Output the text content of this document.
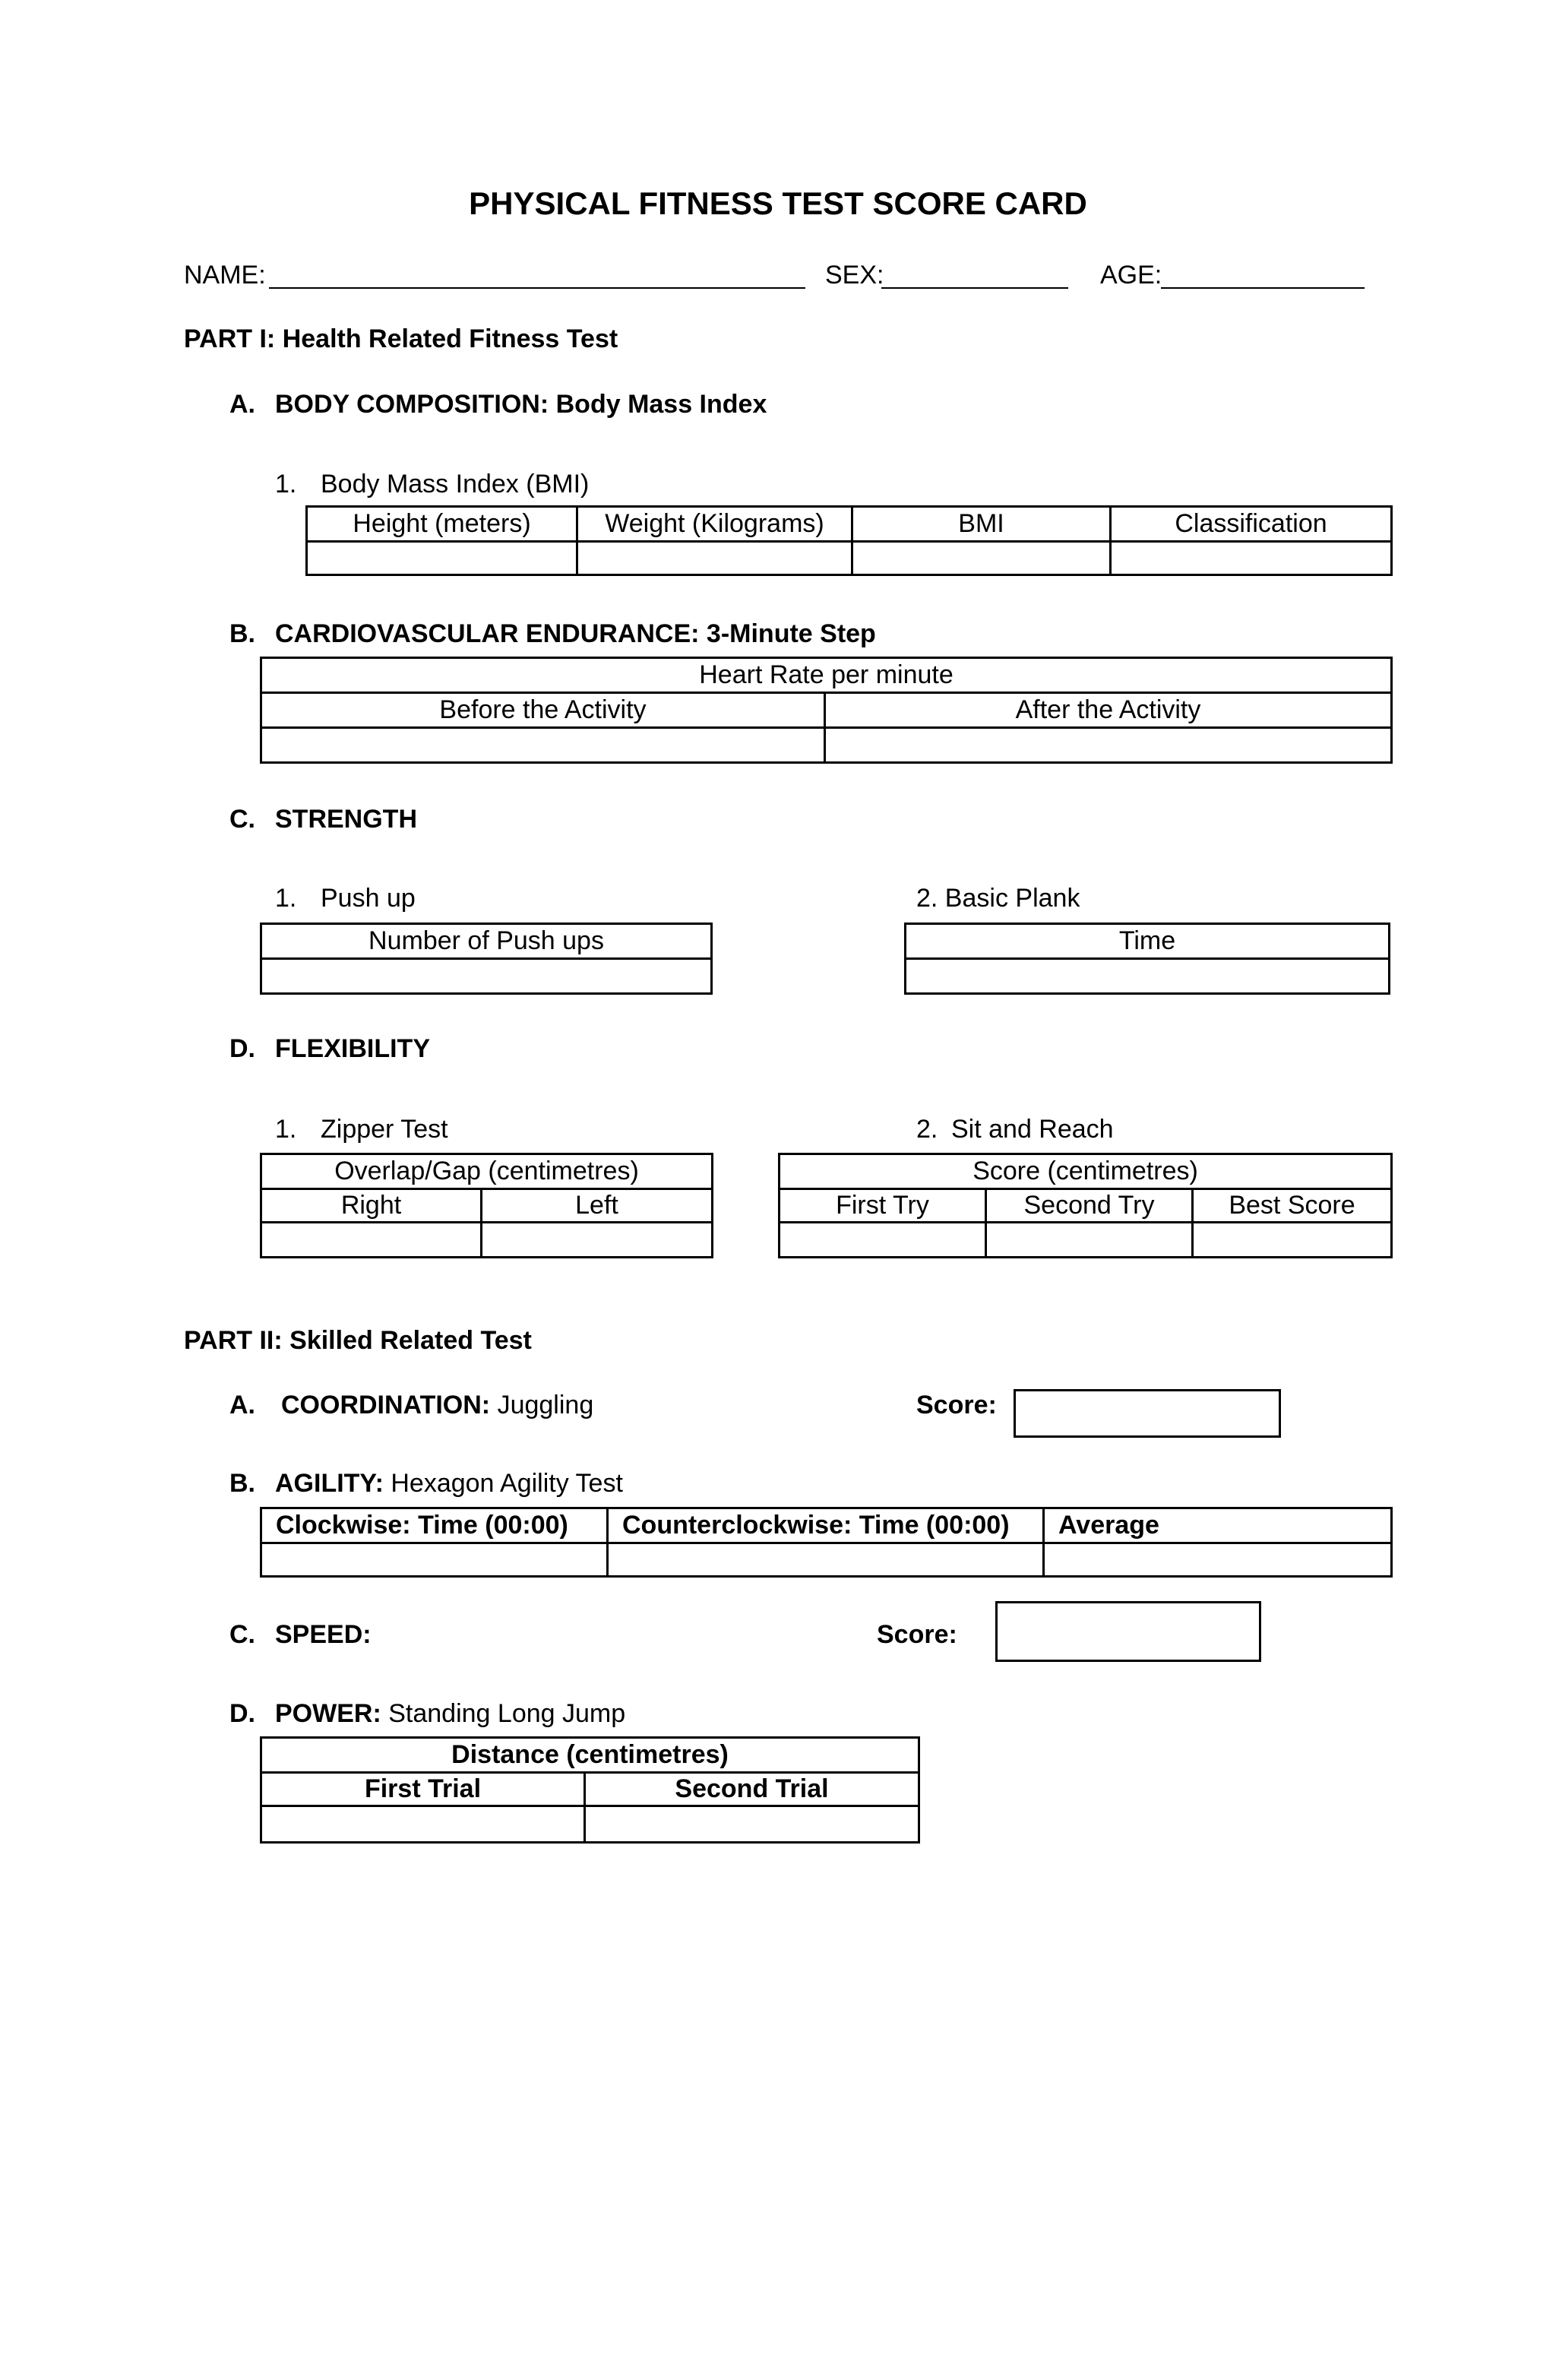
PHYSICAL FITNESS TEST SCORE CARD
NAME:	SEX:	AGE:
PART I: Health Related Fitness Test
A. BODY COMPOSITION: Body Mass Index
1. Body Mass Index (BMI)
Height (meters)	Weight (Kilograms)	BMI	Classification

B. CARDIOVASCULAR ENDURANCE: 3-Minute Step
Heart Rate per minute	
Before the Activity	After the Activity

C. STRENGTH
1. Push up	2. Basic Plank
Number of Push ups	Time

D. FLEXIBILITY
1. Zipper Test	2. Sit and Reach
Overlap/Gap (centimetres)	
Right	Left

Score (centimetres)		
First Try	Second Try	Best Score

PART II: Skilled Related Test
A. COORDINATION: Juggling	Score:
B. AGILITY: Hexagon Agility Test
Clockwise: Time (00:00)	Counterclockwise: Time (00:00)	Average

C. SPEED:	Score:
D. POWER: Standing Long Jump
Distance (centimetres)	
First Trial	Second Trial
